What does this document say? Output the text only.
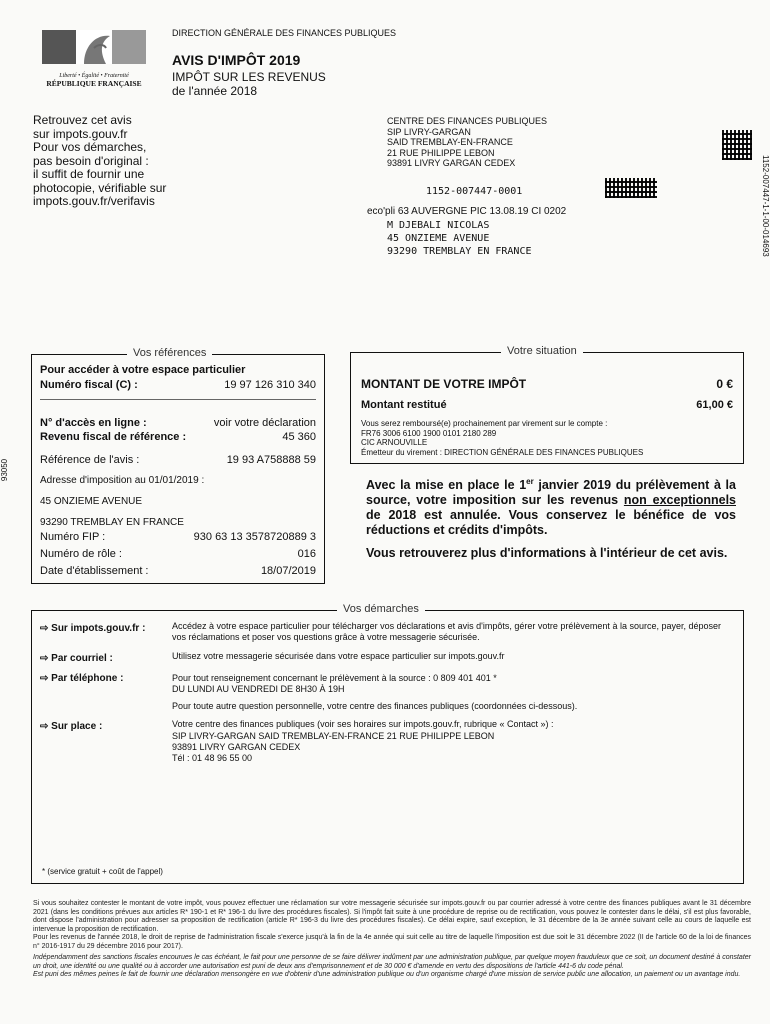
Liberté • Égalité • Fraternité
RÉPUBLIQUE FRANÇAISE
DIRECTION GÉNÉRALE DES FINANCES PUBLIQUES
AVIS D'IMPÔT 2019
IMPÔT SUR LES REVENUS
de l'année 2018
Retrouvez cet avis
sur impots.gouv.fr
Pour vos démarches,
pas besoin d'original :
il suffit de fournir une
photocopie, vérifiable sur
impots.gouv.fr/verifavis
CENTRE DES FINANCES PUBLIQUES
SIP LIVRY-GARGAN
SAID TREMBLAY-EN-FRANCE
21 RUE PHILIPPE LEBON
93891 LIVRY GARGAN CEDEX
1152-007447-0001
eco'pli 63 AUVERGNE PIC 13.08.19 CI 0202
M DJEBALI NICOLAS
45 ONZIEME AVENUE
93290 TREMBLAY EN FRANCE	1152-007447-1-1-00-014693
93050
Vos références
Pour accéder à votre espace particulier
Numéro fiscal (C) :	19 97 126 310 340
N° d'accès en ligne :	voir votre déclaration
Revenu fiscal de référence :	45 360
Référence de l'avis :	19 93 A758888 59
Adresse d'imposition au 01/01/2019 :
45 ONZIEME AVENUE
93290 TREMBLAY EN FRANCE
Numéro FIP :	930 63 13 3578720889 3
Numéro de rôle :	016
Date d'établissement :	18/07/2019
Votre situation
MONTANT DE VOTRE IMPÔT	0 €
Montant restitué	61,00 €
Vous serez remboursé(e) prochainement par virement sur le compte :
FR76 3006 6100 1900 0101 2180 289
CIC ARNOUVILLE
Émetteur du virement : DIRECTION GÉNÉRALE DES FINANCES PUBLIQUES

Avec la mise en place le 1er janvier 2019 du prélèvement à la source, votre imposition sur les revenus non exceptionnels de 2018 est annulée. Vous conservez le bénéfice de vos réductions et crédits d'impôts.

Vous retrouverez plus d'informations à l'intérieur de cet avis.

Vos démarches
⇨ Sur impots.gouv.fr :	Accédez à votre espace particulier pour télécharger vos déclarations et avis d'impôts, gérer votre prélèvement à la source, payer, déposer vos réclamations et poser vos questions grâce à votre messagerie sécurisée.
⇨ Par courriel :	Utilisez votre messagerie sécurisée dans votre espace particulier sur impots.gouv.fr
⇨ Par téléphone :	Pour tout renseignement concernant le prélèvement à la source : 0 809 401 401 *
DU LUNDI AU VENDREDI DE 8H30 À 19H
Pour toute autre question personnelle, votre centre des finances publiques (coordonnées ci-dessous).
⇨ Sur place :	Votre centre des finances publiques (voir ses horaires sur impots.gouv.fr, rubrique « Contact ») :
SIP LIVRY-GARGAN SAID TREMBLAY-EN-FRANCE 21 RUE PHILIPPE LEBON
93891 LIVRY GARGAN CEDEX
Tél : 01 48 96 55 00
* (service gratuit + coût de l'appel)

Si vous souhaitez contester le montant de votre impôt, vous pouvez effectuer une réclamation sur votre messagerie sécurisée sur impots.gouv.fr ou par courrier adressé à votre centre des finances publiques avant le 31 décembre 2021 (dans les conditions prévues aux articles R* 190-1 et R* 196-1 du livre des procédures fiscales). Si l'impôt fait suite à une procédure de reprise ou de rectification, vous pouvez le contester dans le délai, s'il est plus favorable, dont dispose l'administration pour adresser sa proposition de rectification (article R* 196-3 du livre des procédures fiscales). Ce délai expire, sauf exception, le 31 décembre de la 3e année suivant celle au cours de laquelle est intervenue la proposition de rectification.

Pour les revenus de l'année 2018, le droit de reprise de l'administration fiscale s'exerce jusqu'à la fin de la 4e année qui suit celle au titre de laquelle l'imposition est due soit le 31 décembre 2022 (II de l'article 60 de la loi de finances n° 2016-1917 du 29 décembre 2016 pour 2017).

Indépendamment des sanctions fiscales encourues le cas échéant, le fait pour une personne de se faire délivrer indûment par une administration publique, par quelque moyen frauduleux que ce soit, un document destiné à constater un droit, une identité ou une qualité ou à accorder une autorisation est puni de deux ans d'emprisonnement et de 30 000 € d'amende en vertu des dispositions de l'article 441-6 du code pénal.

Est puni des mêmes peines le fait de fournir une déclaration mensongère en vue d'obtenir d'une administration publique ou d'un organisme chargé d'une mission de service public une allocation, un paiement ou un avantage indu.
